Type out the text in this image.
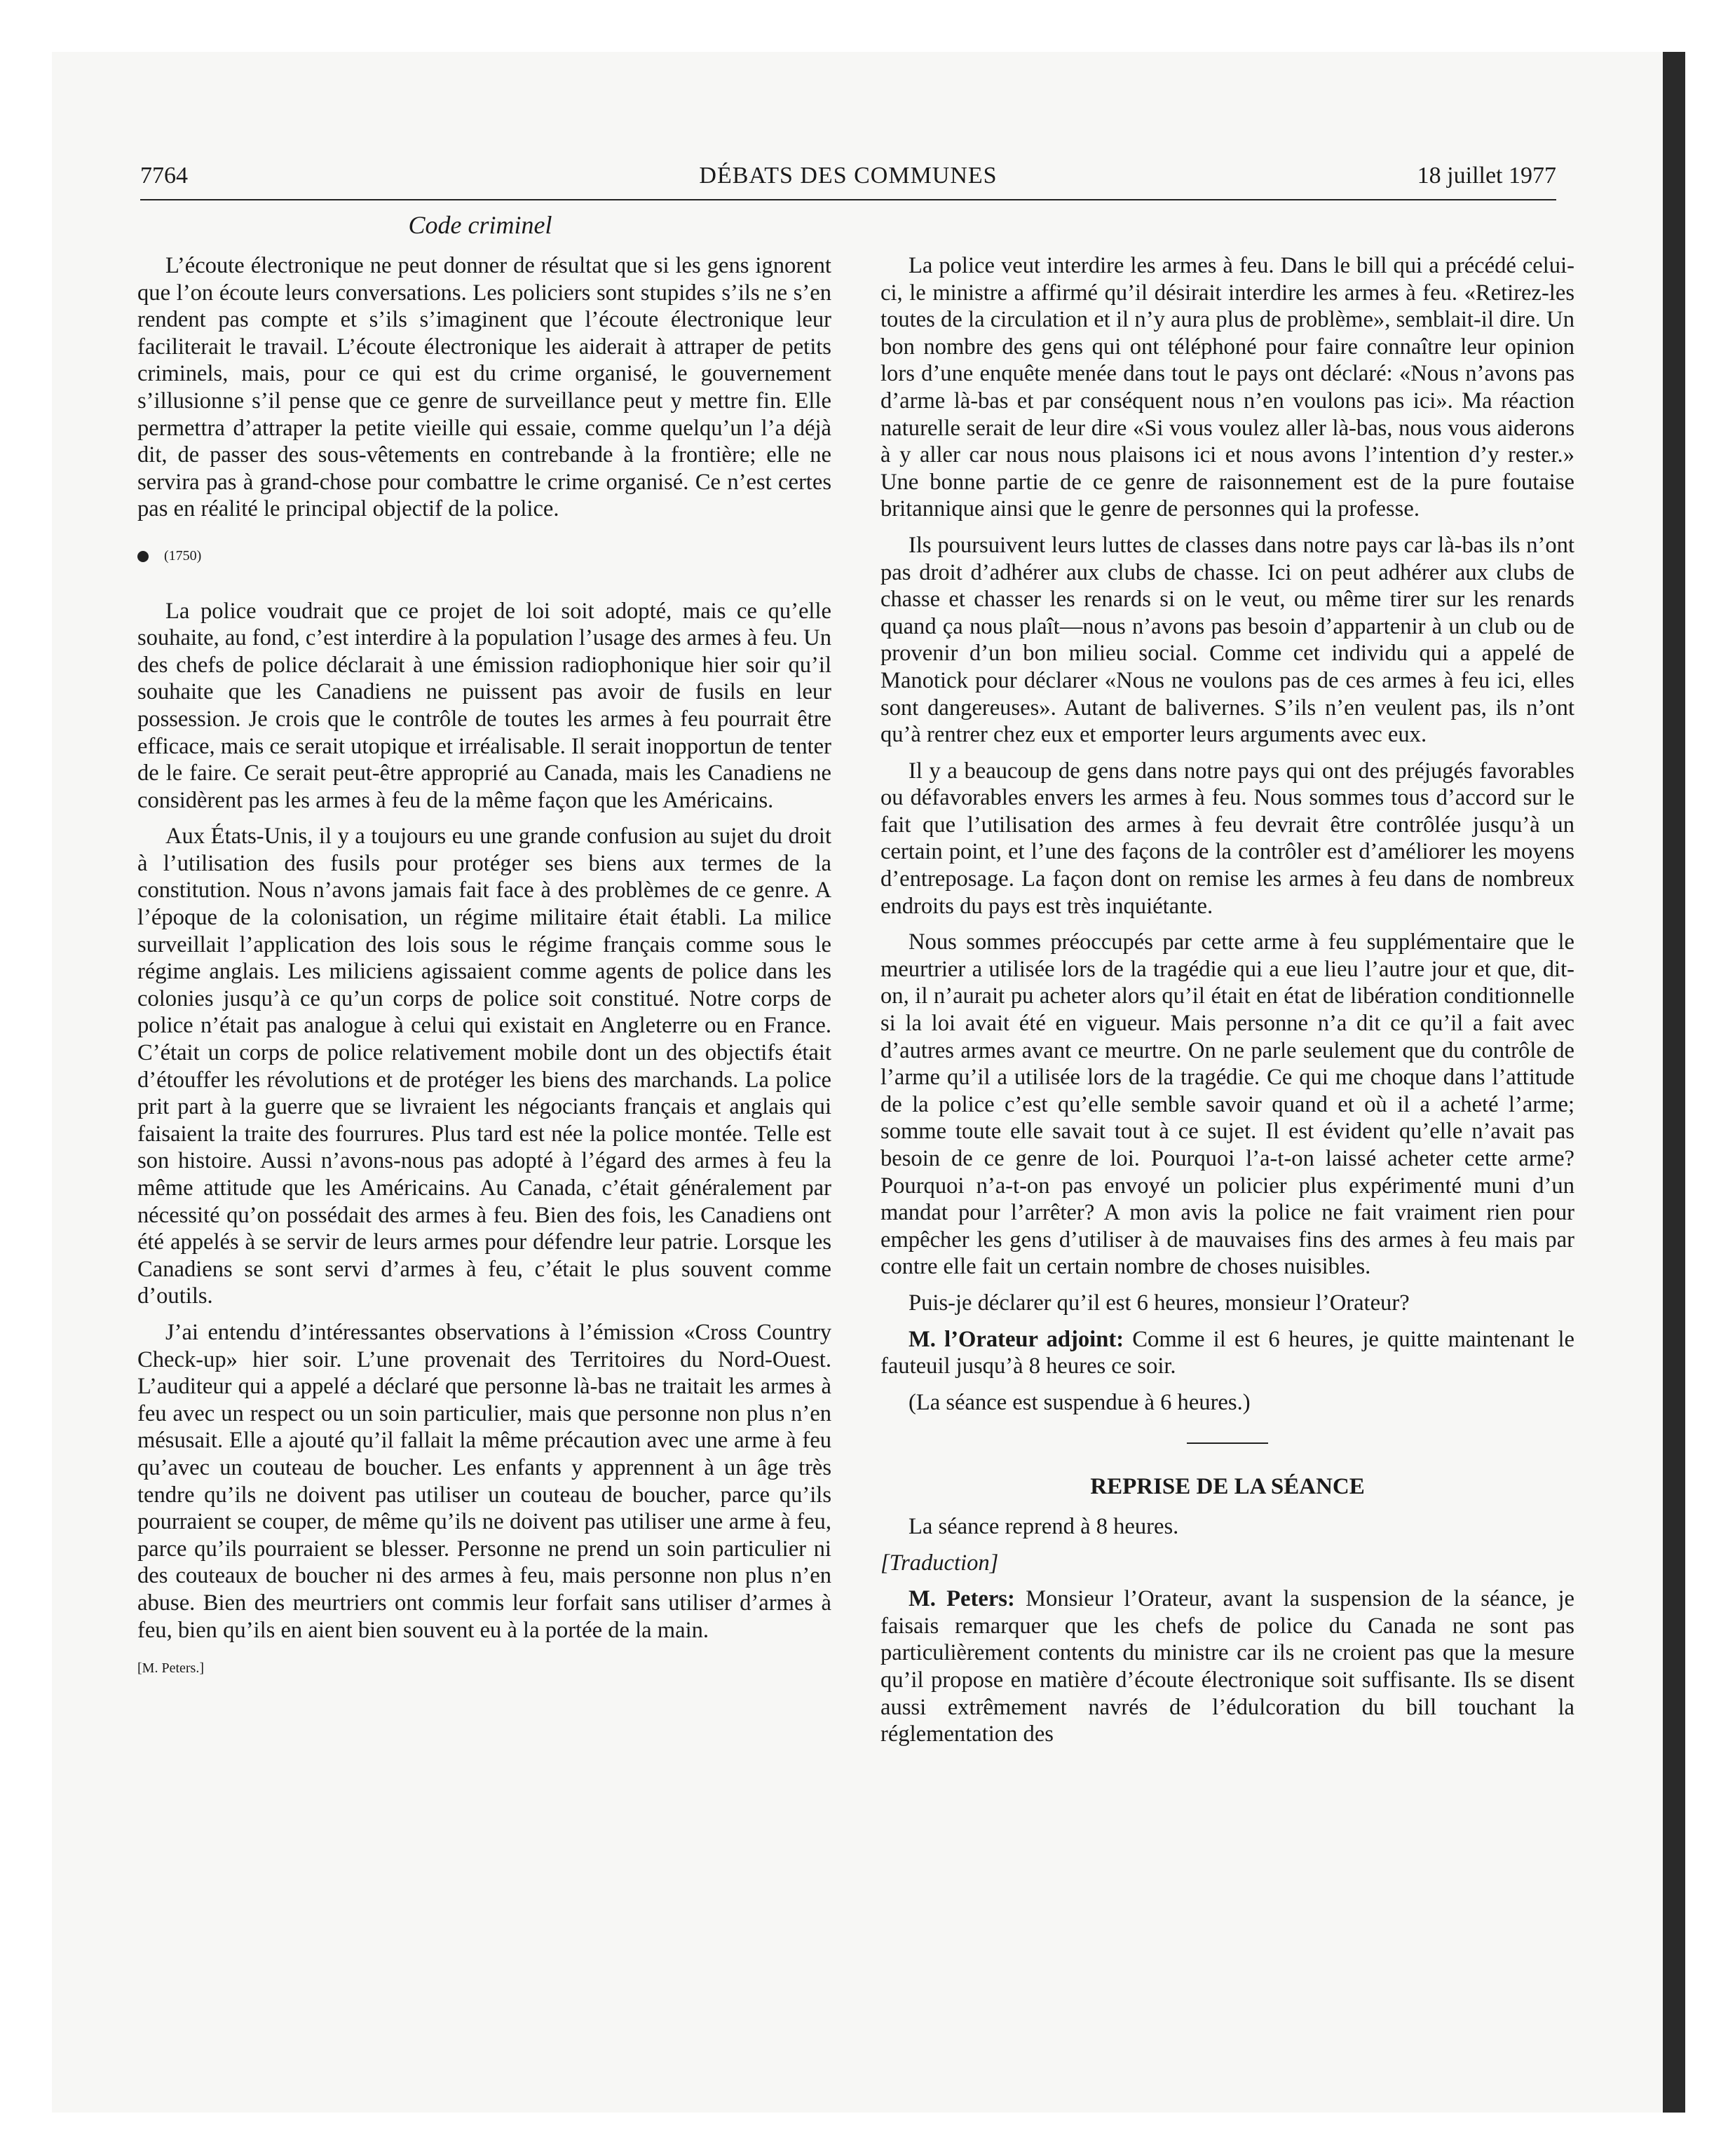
7764	DÉBATS DES COMMUNES	18 juillet 1977
Code criminel

L’écoute électronique ne peut donner de résultat que si les gens ignorent que l’on écoute leurs conversations. Les policiers sont stupides s’ils ne s’en rendent pas compte et s’ils s’imaginent que l’écoute électronique leur faciliterait le travail. L’écoute électronique les aiderait à attraper de petits criminels, mais, pour ce qui est du crime organisé, le gouvernement s’illusionne s’il pense que ce genre de surveillance peut y mettre fin. Elle permettra d’attraper la petite vieille qui essaie, comme quelqu’un l’a déjà dit, de passer des sous-vêtements en contrebande à la frontière; elle ne servira pas à grand-chose pour combattre le crime organisé. Ce n’est certes pas en réalité le principal objectif de la police.

(1750)

La police voudrait que ce projet de loi soit adopté, mais ce qu’elle souhaite, au fond, c’est interdire à la population l’usage des armes à feu. Un des chefs de police déclarait à une émission radiophonique hier soir qu’il souhaite que les Canadiens ne puissent pas avoir de fusils en leur possession. Je crois que le contrôle de toutes les armes à feu pourrait être efficace, mais ce serait utopique et irréalisable. Il serait inopportun de tenter de le faire. Ce serait peut-être approprié au Canada, mais les Canadiens ne considèrent pas les armes à feu de la même façon que les Américains.

Aux États-Unis, il y a toujours eu une grande confusion au sujet du droit à l’utilisation des fusils pour protéger ses biens aux termes de la constitution. Nous n’avons jamais fait face à des problèmes de ce genre. A l’époque de la colonisation, un régime militaire était établi. La milice surveillait l’application des lois sous le régime français comme sous le régime anglais. Les miliciens agissaient comme agents de police dans les colonies jusqu’à ce qu’un corps de police soit constitué. Notre corps de police n’était pas analogue à celui qui existait en Angleterre ou en France. C’était un corps de police relativement mobile dont un des objectifs était d’étouffer les révolutions et de protéger les biens des marchands. La police prit part à la guerre que se livraient les négociants français et anglais qui faisaient la traite des fourrures. Plus tard est née la police montée. Telle est son histoire. Aussi n’avons-nous pas adopté à l’égard des armes à feu la même attitude que les Américains. Au Canada, c’était généralement par nécessité qu’on possédait des armes à feu. Bien des fois, les Canadiens ont été appelés à se servir de leurs armes pour défendre leur patrie. Lorsque les Canadiens se sont servi d’armes à feu, c’était le plus souvent comme d’outils.

J’ai entendu d’intéressantes observations à l’émission «Cross Country Check-up» hier soir. L’une provenait des Territoires du Nord-Ouest. L’auditeur qui a appelé a déclaré que personne là-bas ne traitait les armes à feu avec un respect ou un soin particulier, mais que personne non plus n’en mésusait. Elle a ajouté qu’il fallait la même précaution avec une arme à feu qu’avec un couteau de boucher. Les enfants y apprennent à un âge très tendre qu’ils ne doivent pas utiliser un couteau de boucher, parce qu’ils pourraient se couper, de même qu’ils ne doivent pas utiliser une arme à feu, parce qu’ils pourraient se blesser. Personne ne prend un soin particulier ni des couteaux de boucher ni des armes à feu, mais personne non plus n’en abuse. Bien des meurtriers ont commis leur forfait sans utiliser d’armes à feu, bien qu’ils en aient bien souvent eu à la portée de la main.

[M. Peters.]

La police veut interdire les armes à feu. Dans le bill qui a précédé celui-ci, le ministre a affirmé qu’il désirait interdire les armes à feu. «Retirez-les toutes de la circulation et il n’y aura plus de problème», semblait-il dire. Un bon nombre des gens qui ont téléphoné pour faire connaître leur opinion lors d’une enquête menée dans tout le pays ont déclaré: «Nous n’avons pas d’arme là-bas et par conséquent nous n’en voulons pas ici». Ma réaction naturelle serait de leur dire «Si vous voulez aller là-bas, nous vous aiderons à y aller car nous nous plaisons ici et nous avons l’intention d’y rester.» Une bonne partie de ce genre de raisonnement est de la pure foutaise britannique ainsi que le genre de personnes qui la professe.

Ils poursuivent leurs luttes de classes dans notre pays car là-bas ils n’ont pas droit d’adhérer aux clubs de chasse. Ici on peut adhérer aux clubs de chasse et chasser les renards si on le veut, ou même tirer sur les renards quand ça nous plaît—nous n’avons pas besoin d’appartenir à un club ou de provenir d’un bon milieu social. Comme cet individu qui a appelé de Manotick pour déclarer «Nous ne voulons pas de ces armes à feu ici, elles sont dangereuses». Autant de balivernes. S’ils n’en veulent pas, ils n’ont qu’à rentrer chez eux et emporter leurs arguments avec eux.

Il y a beaucoup de gens dans notre pays qui ont des préjugés favorables ou défavorables envers les armes à feu. Nous sommes tous d’accord sur le fait que l’utilisation des armes à feu devrait être contrôlée jusqu’à un certain point, et l’une des façons de la contrôler est d’améliorer les moyens d’entreposage. La façon dont on remise les armes à feu dans de nombreux endroits du pays est très inquiétante.

Nous sommes préoccupés par cette arme à feu supplémentaire que le meurtrier a utilisée lors de la tragédie qui a eue lieu l’autre jour et que, dit-on, il n’aurait pu acheter alors qu’il était en état de libération conditionnelle si la loi avait été en vigueur. Mais personne n’a dit ce qu’il a fait avec d’autres armes avant ce meurtre. On ne parle seulement que du contrôle de l’arme qu’il a utilisée lors de la tragédie. Ce qui me choque dans l’attitude de la police c’est qu’elle semble savoir quand et où il a acheté l’arme; somme toute elle savait tout à ce sujet. Il est évident qu’elle n’avait pas besoin de ce genre de loi. Pourquoi l’a-t-on laissé acheter cette arme? Pourquoi n’a-t-on pas envoyé un policier plus expérimenté muni d’un mandat pour l’arrêter? A mon avis la police ne fait vraiment rien pour empêcher les gens d’utiliser à de mauvaises fins des armes à feu mais par contre elle fait un certain nombre de choses nuisibles.

Puis-je déclarer qu’il est 6 heures, monsieur l’Orateur?

M. l’Orateur adjoint: Comme il est 6 heures, je quitte maintenant le fauteuil jusqu’à 8 heures ce soir.

(La séance est suspendue à 6 heures.)

REPRISE DE LA SÉANCE

La séance reprend à 8 heures.

[Traduction]

M. Peters: Monsieur l’Orateur, avant la suspension de la séance, je faisais remarquer que les chefs de police du Canada ne sont pas particulièrement contents du ministre car ils ne croient pas que la mesure qu’il propose en matière d’écoute électronique soit suffisante. Ils se disent aussi extrêmement navrés de l’édulcoration du bill touchant la réglementation des
